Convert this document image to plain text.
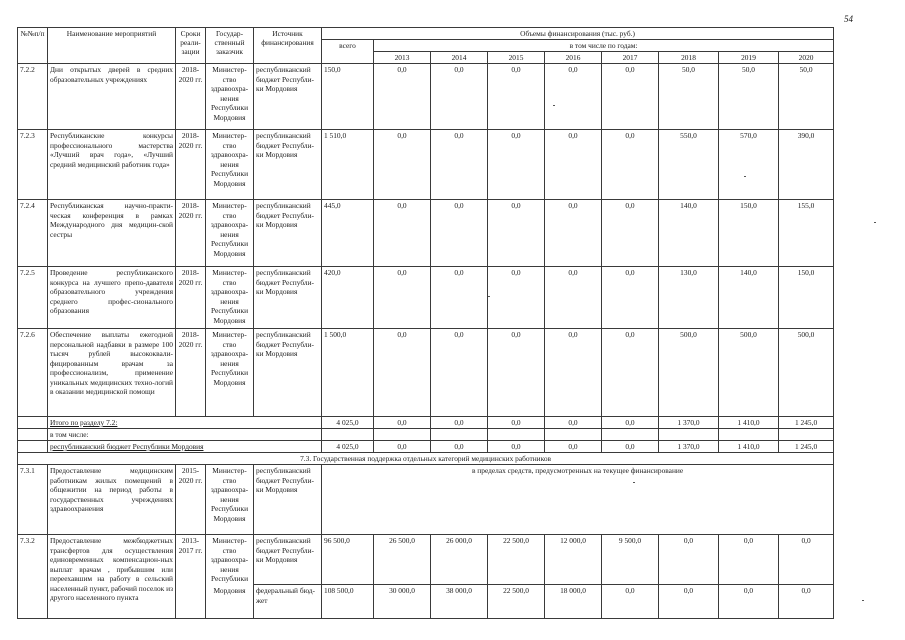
54
№№п/п	Наименование мероприятий	Сроки реали-зации	Государ-ственный заказчик	Источник финансирования	Объемы финансирования (тыс. руб.)								
					всего	в том числе по годам:							
						2013	2014	2015	2016	2017	2018	2019	2020
7.2.2	Дни открытых дверей в средних образовательных учреждениях	2018-2020 гг.	Министер-ство здравоохра-нения Республики Мордовия	республиканский бюджет Республи-ки Мордовия	150,0	0,0	0,0	0,0	0,0	0,0	50,0	50,0	50,0
7.2.3	Республиканские конкурсы профессионального мастерства «Лучший врач года», «Лучший средний медицинский работник года»	2018-2020 гг.	Министер-ство здравоохра-нения Республики Мордовия	республиканский бюджет Республи-ки Мордовия	1 510,0	0,0	0,0	0,0	0,0	0,0	550,0	570,0	390,0
7.2.4	Республиканская научно-практи-ческая конференция в рамках Международного дня медицин-ской сестры	2018-2020 гг.	Министер-ство здравоохра-нения Республики Мордовия	республиканский бюджет Республи-ки Мордовия	445,0	0,0	0,0	0,0	0,0	0,0	140,0	150,0	155,0
7.2.5	Проведение республиканского конкурса на лучшего препо-давателя образовательного учреждения среднего профес-сионального образования	2018-2020 гг.	Министер-ство здравоохра-нения Республики Мордовия	республиканский бюджет Республи-ки Мордовия	420,0	0,0	0,0	0,0	0,0	0,0	130,0	140,0	150,0
7.2.6	Обеспечение выплаты ежегодной персональной надбавки в размере 100 тысяч рублей высококвали-фицированным врачам за профессионализм, применение уникальных медицинских техно-логий в оказании медицинской помощи	2018-2020 гг.	Министер-ство здравоохра-нения Республики Мордовия	республиканский бюджет Республи-ки Мордовия	1 500,0	0,0	0,0	0,0	0,0	0,0	500,0	500,0	500,0
	Итого по разделу 7.2:				4 025,0	0,0	0,0	0,0	0,0	0,0	1 370,0	1 410,0	1 245,0
	в том числе:												
	республиканский бюджет Республики Мордовия				4 025,0	0,0	0,0	0,0	0,0	0,0	1 370,0	1 410,0	1 245,0
7.3. Государственная поддержка отдельных категорий медицинских работников													
7.3.1	Предоставление медицинским работникам жилых помещений в общежитии на период работы в государственных учреждениях здравоохранения	2015-2020 гг.	Министер-ство здравоохра-нения Республики Мордовия	республиканский бюджет Республи-ки Мордовия	в пределах средств, предусмотренных на текущее финансирование								
7.3.2	Предоставление межбюджетных трансфертов для осуществления единовременных компенсацион-ных выплат врачам , прибывшим или переехавшим на работу в сельский населенный пункт, рабочий поселок из другого населенного пункта	2013-2017 гг.	Министер-ство здравоохра-нения Республики	республиканский бюджет Республи-ки Мордовия	96 500,0	26 500,0	26 000,0	22 500,0	12 000,0	9 500,0	0,0	0,0	0,0
			Мордовия	федеральный бюд-жет	108 500,0	30 000,0	38 000,0	22 500,0	18 000,0	0,0	0,0	0,0	0,0
